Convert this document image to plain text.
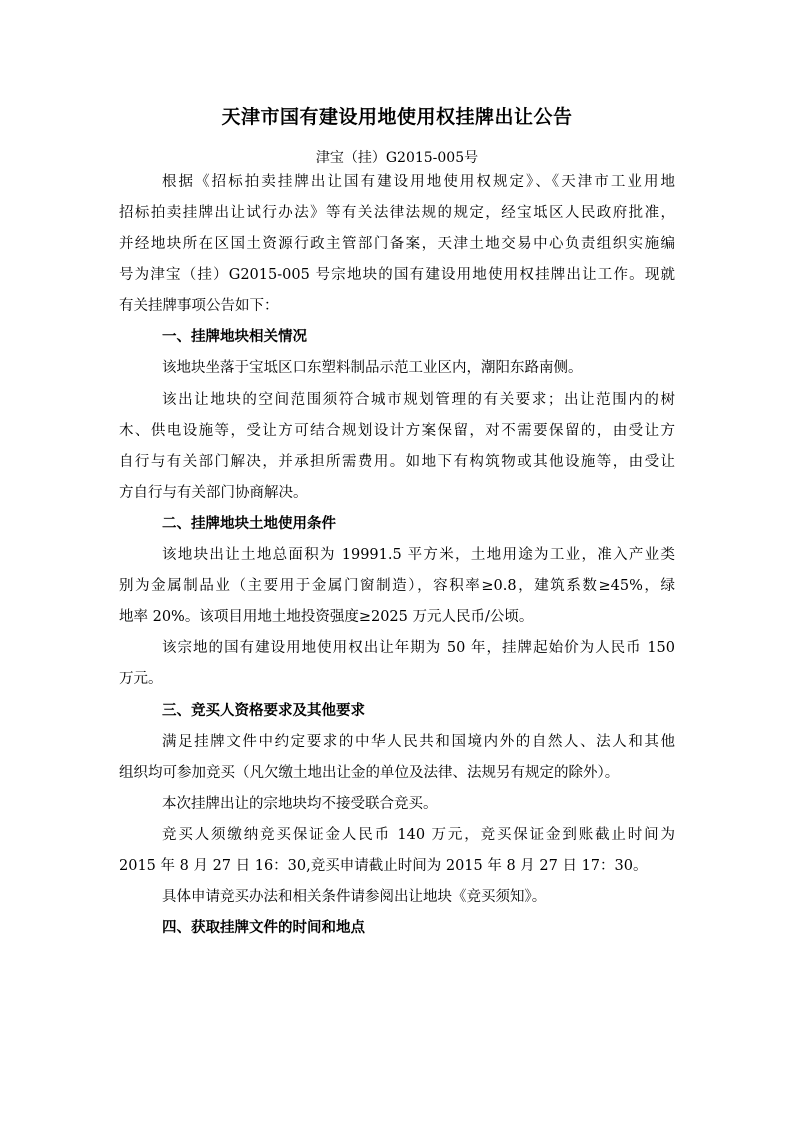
天津市国有建设用地使用权挂牌出让公告
津宝（挂）G2015-005号
根据《招标拍卖挂牌出让国有建设用地使用权规定》、《天津市工业用地
招标拍卖挂牌出让试行办法》等有关法律法规的规定，经宝坻区人民政府批准，
并经地块所在区国土资源行政主管部门备案，天津土地交易中心负责组织实施编
号为津宝（挂）G2015-005 号宗地块的国有建设用地使用权挂牌出让工作。现就
有关挂牌事项公告如下：
一、挂牌地块相关情况
该地块坐落于宝坻区口东塑料制品示范工业区内，潮阳东路南侧。
该出让地块的空间范围须符合城市规划管理的有关要求；出让范围内的树
木、供电设施等，受让方可结合规划设计方案保留，对不需要保留的，由受让方
自行与有关部门解决，并承担所需费用。如地下有构筑物或其他设施等，由受让
方自行与有关部门协商解决。
二、挂牌地块土地使用条件
该地块出让土地总面积为 19991.5 平方米，土地用途为工业，准入产业类
别为金属制品业（主要用于金属门窗制造），容积率≥0.8，建筑系数≥45%，绿
地率 20%。该项目用地土地投资强度≥2025 万元人民币/公顷。
该宗地的国有建设用地使用权出让年期为 50 年，挂牌起始价为人民币 150
万元。
三、竞买人资格要求及其他要求
满足挂牌文件中约定要求的中华人民共和国境内外的自然人、法人和其他
组织均可参加竞买（凡欠缴土地出让金的单位及法律、法规另有规定的除外）。
本次挂牌出让的宗地块均不接受联合竞买。
竞买人须缴纳竞买保证金人民币 140 万元，竞买保证金到账截止时间为
2015 年 8 月 27 日 16：30,竞买申请截止时间为 2015 年 8 月 27 日 17：30。
具体申请竞买办法和相关条件请参阅出让地块《竞买须知》。
四、获取挂牌文件的时间和地点
